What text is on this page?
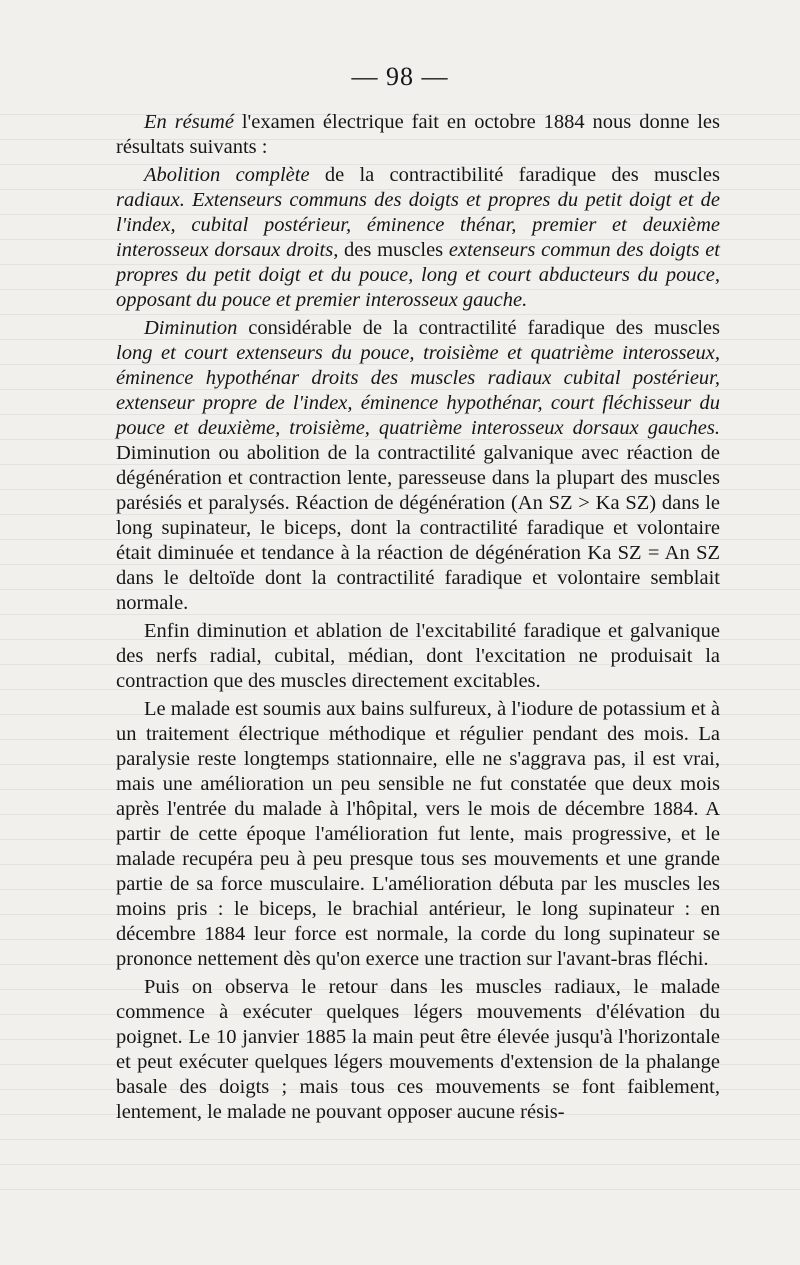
— 98 —

En résumé l'examen électrique fait en octobre 1884 nous donne les résultats suivants :

Abolition complète de la contractibilité faradique des muscles radiaux. Extenseurs communs des doigts et propres du petit doigt et de l'index, cubital postérieur, éminence thénar, premier et deuxième interosseux dorsaux droits, des muscles extenseurs commun des doigts et propres du petit doigt et du pouce, long et court abducteurs du pouce, opposant du pouce et premier interosseux gauche.

Diminution considérable de la contractilité faradique des muscles long et court extenseurs du pouce, troisième et quatrième interosseux, éminence hypothénar droits des muscles radiaux cubital postérieur, extenseur propre de l'index, éminence hypothénar, court fléchisseur du pouce et deuxième, troisième, quatrième interosseux dorsaux gauches. Diminution ou abolition de la contractilité galvanique avec réaction de dégénération et contraction lente, paresseuse dans la plupart des muscles parésiés et paralysés. Réaction de dégénération (An SZ > Ka SZ) dans le long supinateur, le biceps, dont la contractilité faradique et volontaire était diminuée et tendance à la réaction de dégénération Ka SZ = An SZ dans le deltoïde dont la contractilité faradique et volontaire semblait normale.

Enfin diminution et ablation de l'excitabilité faradique et galvanique des nerfs radial, cubital, médian, dont l'excitation ne produisait la contraction que des muscles directement excitables.

Le malade est soumis aux bains sulfureux, à l'iodure de potassium et à un traitement électrique méthodique et régulier pendant des mois. La paralysie reste longtemps stationnaire, elle ne s'aggrava pas, il est vrai, mais une amélioration un peu sensible ne fut constatée que deux mois après l'entrée du malade à l'hôpital, vers le mois de décembre 1884. A partir de cette époque l'amélioration fut lente, mais progressive, et le malade recupéra peu à peu presque tous ses mouvements et une grande partie de sa force musculaire. L'amélioration débuta par les muscles les moins pris : le biceps, le brachial antérieur, le long supinateur : en décembre 1884 leur force est normale, la corde du long supinateur se prononce nettement dès qu'on exerce une traction sur l'avant-bras fléchi.

Puis on observa le retour dans les muscles radiaux, le malade commence à exécuter quelques légers mouvements d'élévation du poignet. Le 10 janvier 1885 la main peut être élevée jusqu'à l'horizontale et peut exécuter quelques légers mouvements d'extension de la phalange basale des doigts ; mais tous ces mouvements se font faiblement, lentement, le malade ne pouvant opposer aucune résis-
